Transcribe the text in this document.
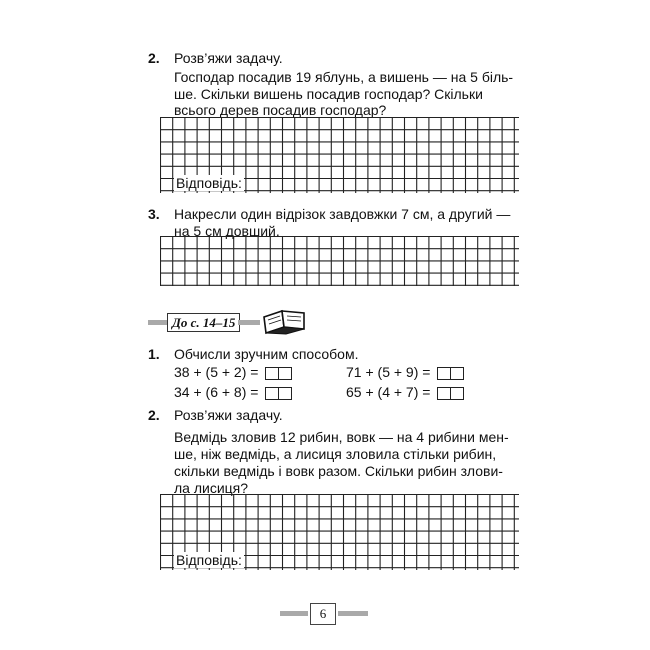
2. Розв’яжи задачу.
Господар посадив 19 яблунь, а вишень — на 5 біль-
ше. Скільки вишень посадив господар? Скільки
всього дерев посадив господар?
Відповідь:
3. Накресли один відрізок завдовжки 7 см, а другий —
на 5 см довший.
До с. 14–15
1. Обчисли зручним способом.
38 + (5 + 2) =	71 + (5 + 9) =
34 + (6 + 8) =	65 + (4 + 7) =
2. Розв’яжи задачу.
Ведмідь зловив 12 рибин, вовк — на 4 рибини мен-
ше, ніж ведмідь, а лисиця зловила стільки рибин,
скільки ведмідь і вовк разом. Скільки рибин злови-
ла лисиця?
Відповідь:
6
